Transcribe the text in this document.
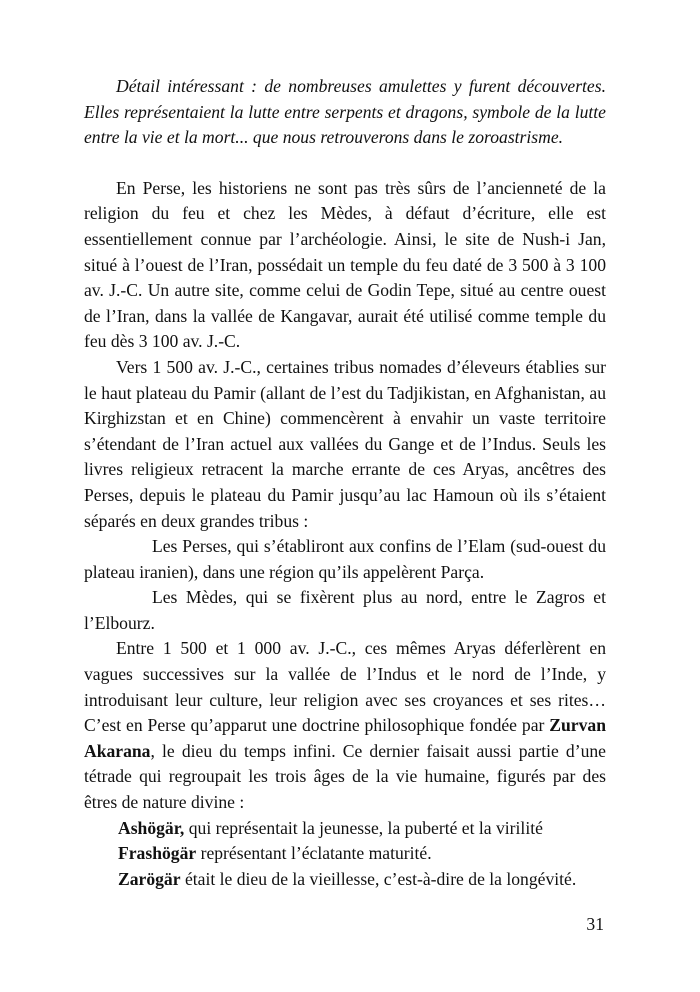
Détail intéressant : de nombreuses amulettes y furent découvertes. Elles représentaient la lutte entre serpents et dragons, symbole de la lutte entre la vie et la mort... que nous retrouverons dans le zoroastrisme.

En Perse, les historiens ne sont pas très sûrs de l’ancienneté de la religion du feu et chez les Mèdes, à défaut d’écriture, elle est essentiellement connue par l’archéologie. Ainsi, le site de Nush-i Jan, situé à l’ouest de l’Iran, possédait un temple du feu daté de 3 500 à 3 100 av. J.-C. Un autre site, comme celui de Godin Tepe, situé au centre ouest de l’Iran, dans la vallée de Kangavar, aurait été utilisé comme temple du feu dès 3 100 av. J.-C.

Vers 1 500 av. J.-C., certaines tribus nomades d’éleveurs établies sur le haut plateau du Pamir (allant de l’est du Tadjikistan, en Afghanistan, au Kirghizstan et en Chine) commencèrent à envahir un vaste territoire s’étendant de l’Iran actuel aux vallées du Gange et de l’Indus. Seuls les livres religieux retracent la marche errante de ces Aryas, ancêtres des Perses, depuis le plateau du Pamir jusqu’au lac Hamoun où ils s’étaient séparés en deux grandes tribus :

Les Perses, qui s’établiront aux confins de l’Elam (sud-ouest du plateau iranien), dans une région qu’ils appelèrent Parça.

Les Mèdes, qui se fixèrent plus au nord, entre le Zagros et l’Elbourz.

Entre 1 500 et 1 000 av. J.-C., ces mêmes Aryas déferlèrent en vagues successives sur la vallée de l’Indus et le nord de l’Inde, y introduisant leur culture, leur religion avec ses croyances et ses rites… C’est en Perse qu’apparut une doctrine philosophique fondée par Zurvan Akarana, le dieu du temps infini. Ce dernier faisait aussi partie d’une tétrade qui regroupait les trois âges de la vie humaine, figurés par des êtres de nature divine :

Ashögär, qui représentait la jeunesse, la puberté et la virilité

Frashögär représentant l’éclatante maturité.

Zarögär était le dieu de la vieillesse, c’est-à-dire de la longévité.

31
